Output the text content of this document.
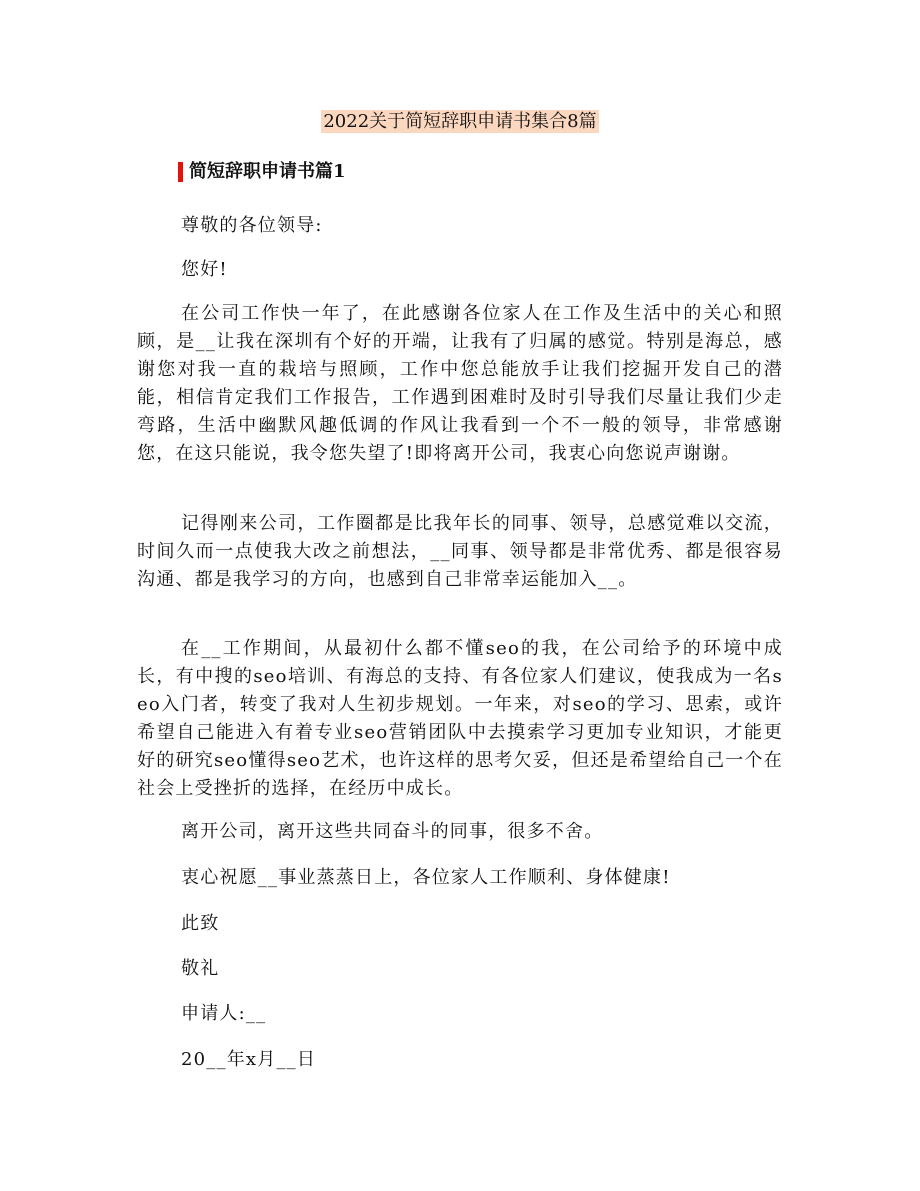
2022关于简短辞职申请书集合8篇
简短辞职申请书篇1
尊敬的各位领导:
您好!

在公司工作快一年了，在此感谢各位家人在工作及生活中的关心和照顾，是__让我在深圳有个好的开端，让我有了归属的感觉。特别是海总，感谢您对我一直的栽培与照顾，工作中您总能放手让我们挖掘开发自己的潜能，相信肯定我们工作报告，工作遇到困难时及时引导我们尽量让我们少走弯路，生活中幽默风趣低调的作风让我看到一个不一般的领导，非常感谢您，在这只能说，我令您失望了!即将离开公司，我衷心向您说声谢谢。

记得刚来公司，工作圈都是比我年长的同事、领导，总感觉难以交流，时间久而一点使我大改之前想法，__同事、领导都是非常优秀、都是很容易沟通、都是我学习的方向，也感到自己非常幸运能加入__。

在__工作期间，从最初什么都不懂seo的我，在公司给予的环境中成长，有中搜的seo培训、有海总的支持、有各位家人们建议，使我成为一名seo入门者，转变了我对人生初步规划。一年来，对seo的学习、思索，或许希望自己能进入有着专业seo营销团队中去摸索学习更加专业知识，才能更好的研究seo懂得seo艺术，也许这样的思考欠妥，但还是希望给自己一个在社会上受挫折的选择，在经历中成长。

离开公司，离开这些共同奋斗的同事，很多不舍。
衷心祝愿__事业蒸蒸日上，各位家人工作顺利、身体健康!
此致
敬礼
申请人:__
20__年x月__日
